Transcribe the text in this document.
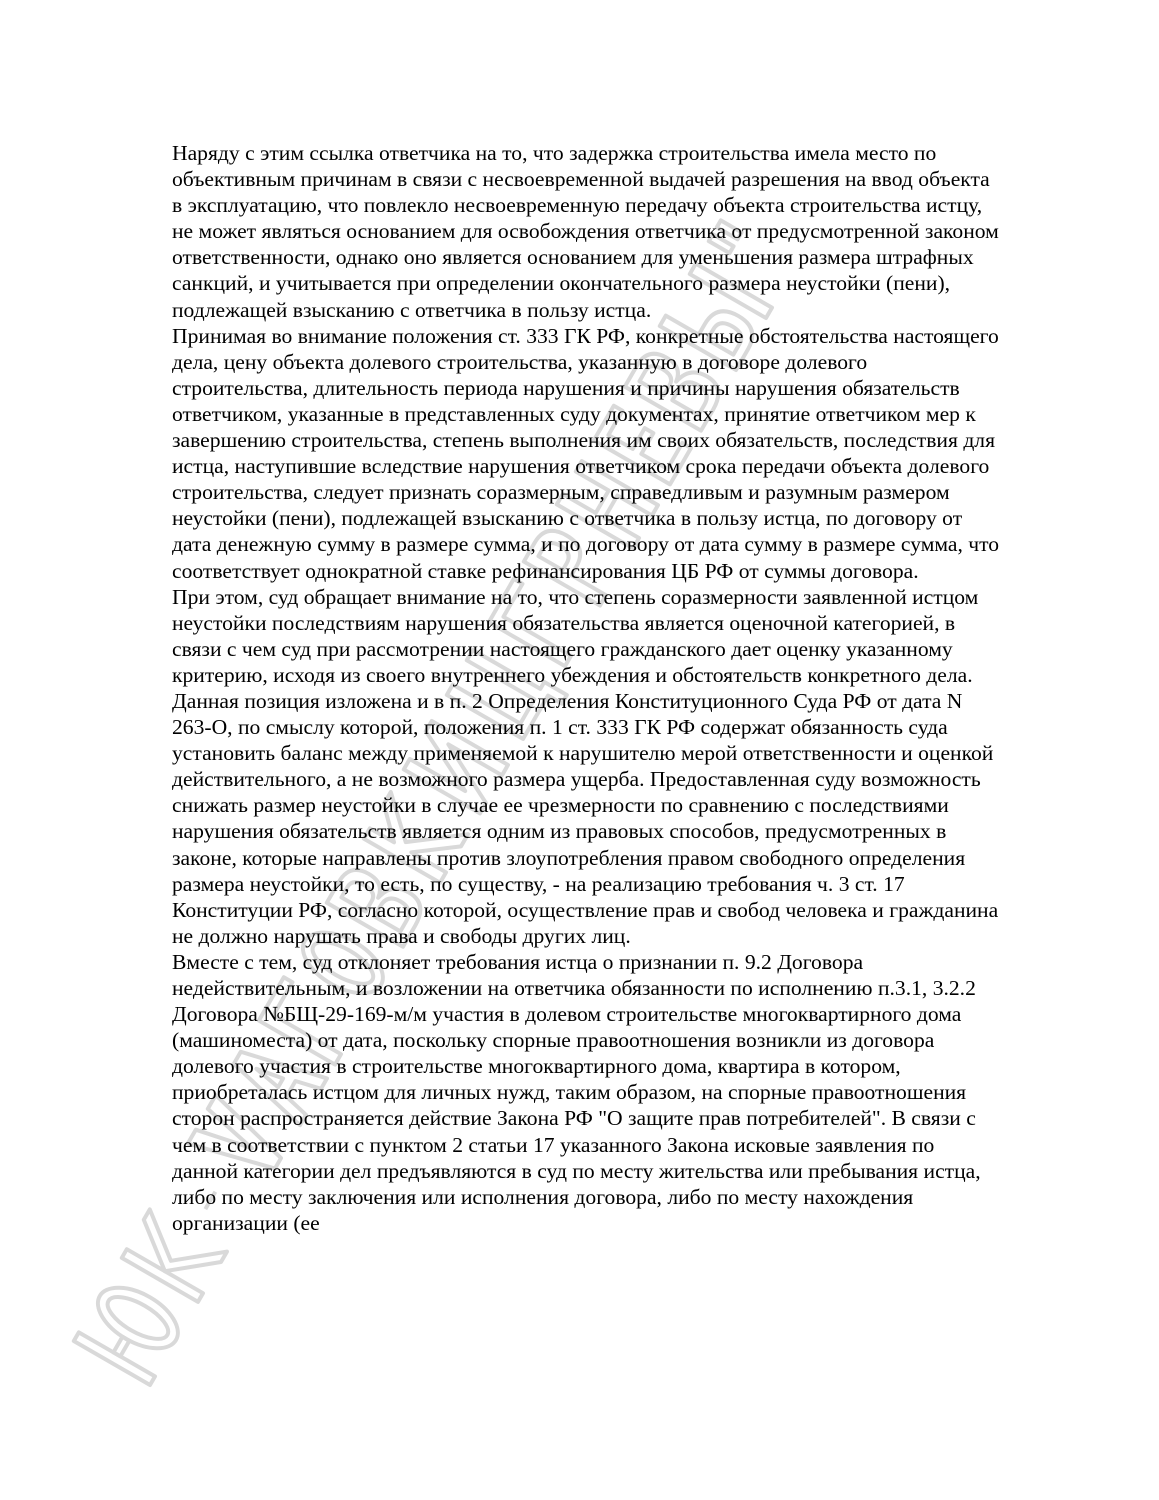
Наряду с этим ссылка ответчика на то, что задержка строительства имела место по объективным причинам в связи с несвоевременной выдачей разрешения на ввод объекта в эксплуатацию, что повлекло несвоевременную передачу объекта строительства истцу, не может являться основанием для освобождения ответчика от предусмотренной законом ответственности, однако оно является основанием для уменьшения размера штрафных санкций, и учитывается при определении окончательного размера неустойки (пени), подлежащей взысканию с ответчика в пользу истца.

Принимая во внимание положения ст. 333 ГК РФ, конкретные обстоятельства настоящего дела, цену объекта долевого строительства, указанную в договоре долевого строительства, длительность периода нарушения и причины нарушения обязательств ответчиком, указанные в представленных суду документах, принятие ответчиком мер к завершению строительства, степень выполнения им своих обязательств, последствия для истца, наступившие вследствие нарушения ответчиком срока передачи объекта долевого строительства, следует признать соразмерным, справедливым и разумным размером неустойки (пени), подлежащей взысканию с ответчика в пользу истца, по договору от дата денежную сумму в размере сумма, и по договору от дата сумму в размере сумма, что соответствует однократной ставке рефинансирования ЦБ РФ от суммы договора.

При этом, суд обращает внимание на то, что степень соразмерности заявленной истцом неустойки последствиям нарушения обязательства является оценочной категорией, в связи с чем суд при рассмотрении настоящего гражданского дает оценку указанному критерию, исходя из своего внутреннего убеждения и обстоятельств конкретного дела.

Данная позиция изложена и в п. 2 Определения Конституционного Суда РФ от дата N 263-О, по смыслу которой, положения п. 1 ст. 333 ГК РФ содержат обязанность суда установить баланс между применяемой к нарушителю мерой ответственности и оценкой действительного, а не возможного размера ущерба. Предоставленная суду возможность снижать размер неустойки в случае ее чрезмерности по сравнению с последствиями нарушения обязательств является одним из правовых способов, предусмотренных в законе, которые направлены против злоупотребления правом свободного определения размера неустойки, то есть, по существу, - на реализацию требования ч. 3 ст. 17 Конституции РФ, согласно которой, осуществление прав и свобод человека и гражданина не должно нарушать права и свободы других лиц.

Вместе с тем, суд отклоняет требования истца о признании п. 9.2 Договора недействительным, и возложении на ответчика обязанности по исполнению п.3.1, 3.2.2 Договора №БЩ-29-169-м/м участия в долевом строительстве многоквартирного дома (машиноместа) от дата, поскольку спорные правоотношения возникли из договора долевого участия в строительстве многоквартирного дома, квартира в котором, приобреталась истцом для личных нужд, таким образом, на спорные правоотношения сторон распространяется действие Закона РФ "О защите прав потребителей". В связи с чем в соответствии с пунктом 2 статьи 17 указанного Закона исковые заявления по данной категории дел предъявляются в суд по месту жительства или пребывания истца, либо по месту заключения или исполнения договора, либо по месту нахождения организации (ее
